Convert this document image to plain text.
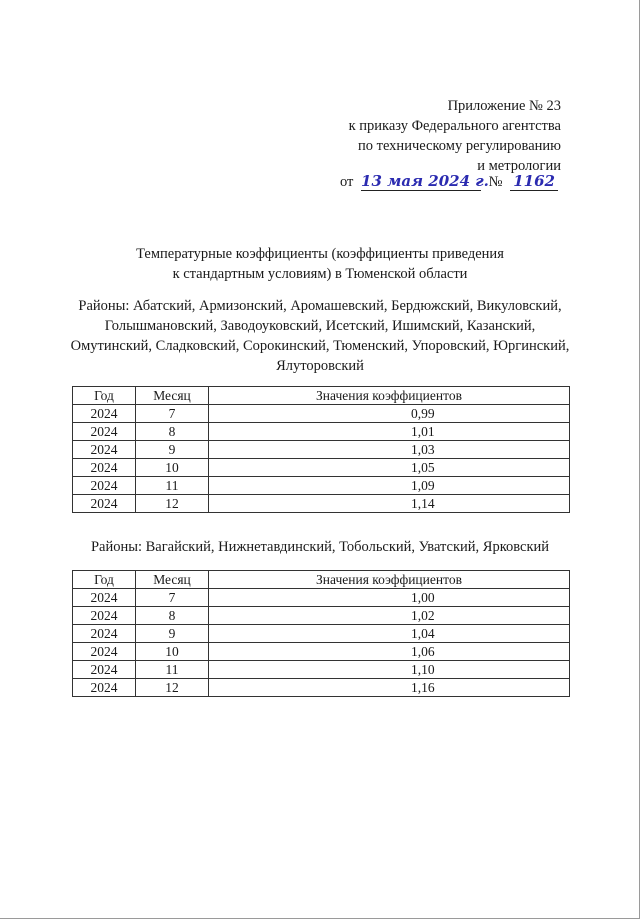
Приложение № 23
к приказу Федерального агентства
по техническому регулированию
и метрологии
от 13 мая 2024 г. № 1162
Температурные коэффициенты (коэффициенты приведения
к стандартным условиям) в Тюменской области
Районы: Абатский, Армизонский, Аромашевский, Бердюжский, Викуловский, Голышмановский, Заводоуковский, Исетский, Ишимский, Казанский, Омутинский, Сладковский, Сорокинский, Тюменский, Упоровский, Юргинский, Ялуторовский
Год	Месяц	Значения коэффициентов
2024	7	0,99
2024	8	1,01
2024	9	1,03
2024	10	1,05
2024	11	1,09
2024	12	1,14
Районы: Вагайский, Нижнетавдинский, Тобольский, Уватский, Ярковский
Год	Месяц	Значения коэффициентов
2024	7	1,00
2024	8	1,02
2024	9	1,04
2024	10	1,06
2024	11	1,10
2024	12	1,16
